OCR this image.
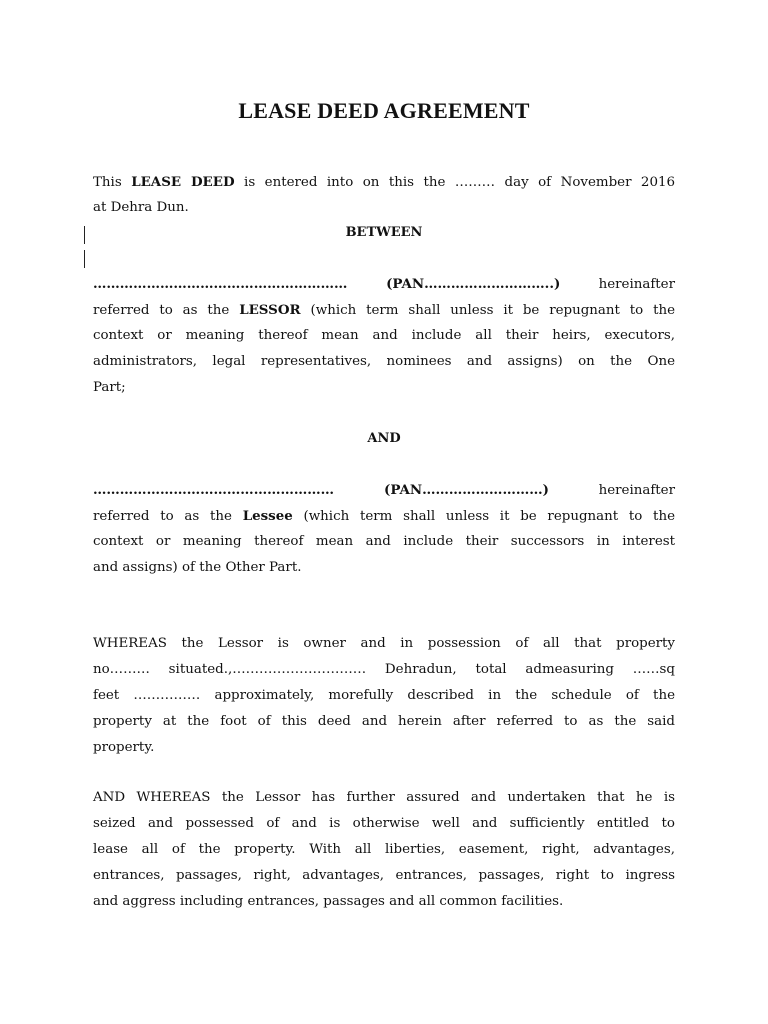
LEASE DEED AGREEMENT
This LEASE DEED is entered into on this the ……… day of November 2016
at Dehra Dun.
BETWEEN
………………………………………………… (PAN………………………..) hereinafter
referred to as the LESSOR (which term shall unless it be repugnant to the
context or meaning thereof mean and include all their heirs, executors,
administrators, legal representatives, nominees and assigns) on the One
Part;
AND
……………………………………………… (PAN………………………) hereinafter
referred to as the Lessee (which term shall unless it be repugnant to the
context or meaning thereof mean and include their successors in interest
and assigns) of the Other Part.
WHEREAS the Lessor is owner and in possession of all that property
no……… situated.,………………………… Dehradun, total admeasuring ……sq
feet …………… approximately, morefully described in the schedule of the
property at the foot of this deed and herein after referred to as the said
property.
AND WHEREAS the Lessor has further assured and undertaken that he is
seized and possessed of and is otherwise well and sufficiently entitled to
lease all of the property. With all liberties, easement, right, advantages,
entrances, passages, right, advantages, entrances, passages, right to ingress
and aggress including entrances, passages and all common facilities.
